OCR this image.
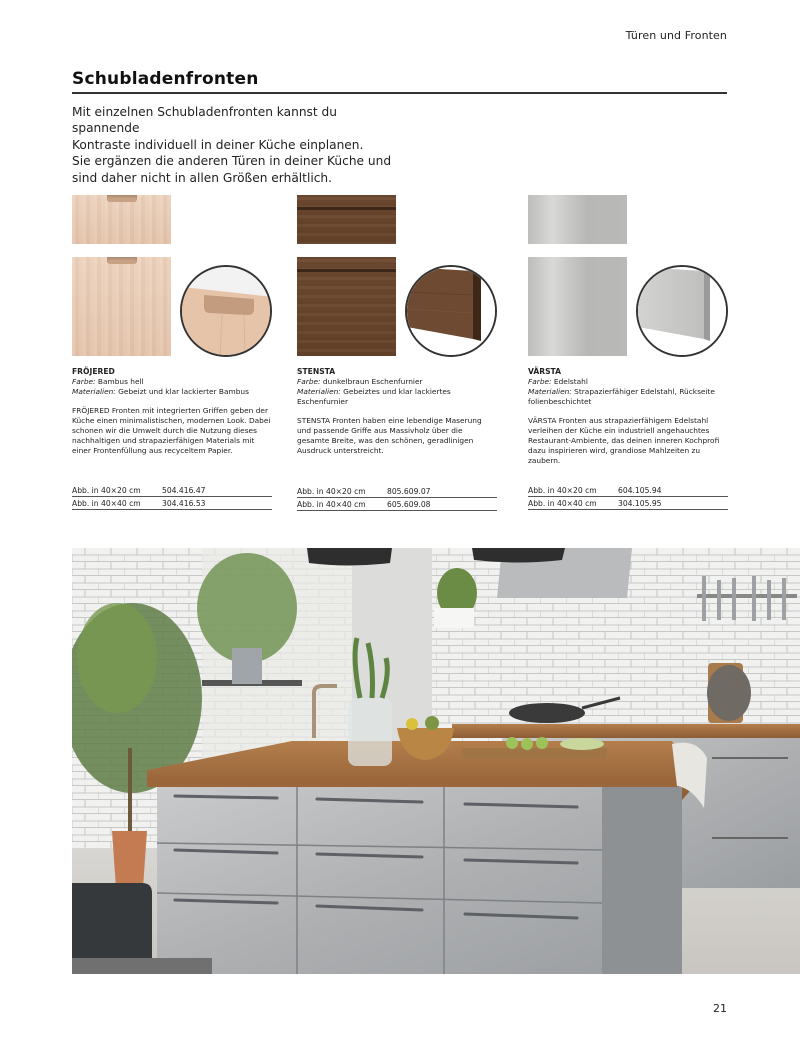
Türen und Fronten
Schubladenfronten

Mit einzelnen Schubladenfronten kannst du spannende

Kontraste individuell in deiner Küche einplanen.

Sie ergänzen die anderen Türen in deiner Küche und

sind daher nicht in allen Größen erhältlich.

FRÖJERED
Farbe: Bambus hell
Materialien: Gebeizt und klar lackierter Bambus
FRÖJERED Fronten mit integrierten Griffen geben der Küche einen minimalistischen, modernen Look. Dabei schonen wir die Umwelt durch die Nutzung dieses nachhaltigen und strapazierfähigen Materials mit einer Frontenfüllung aus recyceltem Papier.
Abb. in 40×20 cm	504.416.47
Abb. in 40×40 cm	304.416.53
STENSTA
Farbe: dunkelbraun Eschenfurnier
Materialien: Gebeiztes und klar lackiertes Eschenfurnier
STENSTA Fronten haben eine lebendige Maserung und passende Griffe aus Massivholz über die gesamte Breite, was den schönen, geradlinigen Ausdruck unterstreicht.
Abb. in 40×20 cm	805.609.07
Abb. in 40×40 cm	605.609.08
VÄRSTA
Farbe: Edelstahl
Materialien: Strapazierfähiger Edelstahl, Rückseite folienbeschichtet
VÄRSTA Fronten aus strapazierfähigem Edelstahl verleihen der Küche ein industriell angehauchtes Restaurant-Ambiente, das deinen inneren Kochprofi dazu inspirieren wird, grandiose Mahlzeiten zu zaubern.
Abb. in 40×20 cm	604.105.94
Abb. in 40×40 cm	304.105.95
21
